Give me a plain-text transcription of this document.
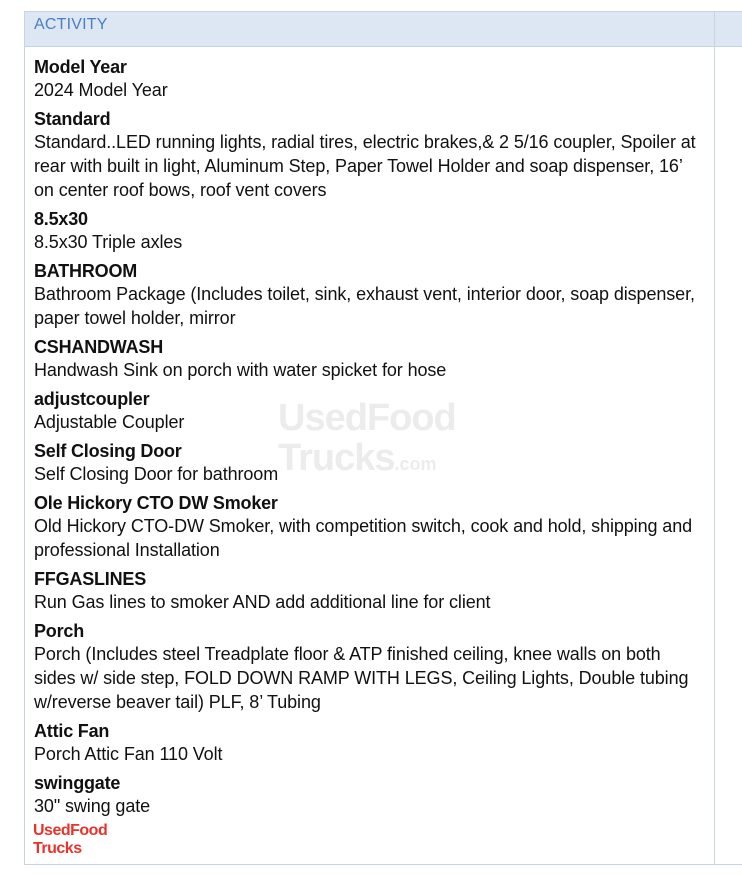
ACTIVITY
UsedFood
Trucks.com
Model Year
2024 Model Year
Standard
Standard..LED running lights, radial tires, electric brakes,& 2 5/16 coupler, Spoiler at rear with built in light, Aluminum Step, Paper Towel Holder and soap dispenser, 16’ on center roof bows, roof vent covers
8.5x30
8.5x30 Triple axles
BATHROOM
Bathroom Package (Includes toilet, sink, exhaust vent, interior door, soap dispenser, paper towel holder, mirror
CSHANDWASH
Handwash Sink on porch with water spicket for hose
adjustcoupler
Adjustable Coupler
Self Closing Door
Self Closing Door for bathroom
Ole Hickory CTO DW Smoker
Old Hickory CTO-DW Smoker, with competition switch, cook and hold, shipping and professional Installation
FFGASLINES
Run Gas lines to smoker AND add additional line for client
Porch
Porch (Includes steel Treadplate floor & ATP finished ceiling, knee walls on both sides w/ side step, FOLD DOWN RAMP WITH LEGS, Ceiling Lights, Double tubing w/reverse beaver tail) PLF, 8’ Tubing
Attic Fan
Porch Attic Fan 110 Volt
swinggate
30" swing gate
UsedFood
Trucks
